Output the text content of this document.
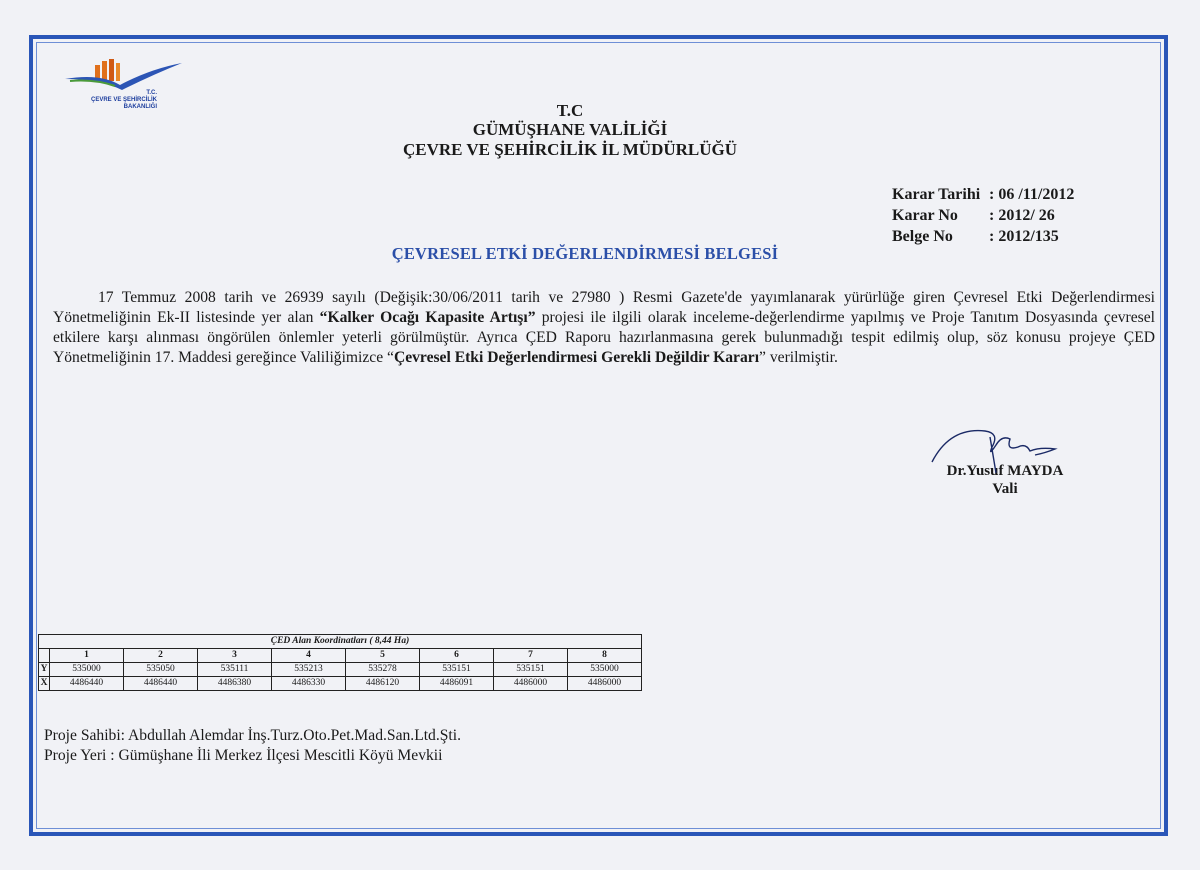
T.C.
ÇEVRE VE ŞEHİRCİLİK
BAKANLIĞI	T.C
GÜMÜŞHANE VALİLİĞİ
ÇEVRE VE ŞEHİRCİLİK İL MÜDÜRLÜĞÜ
Karar Tarihi : 06 /11/2012
Karar No	: 2012/ 26
Belge No	: 2012/135
ÇEVRESEL ETKİ DEĞERLENDİRMESİ BELGESİ

17 Temmuz 2008 tarih ve 26939 sayılı (Değişik:30/06/2011 tarih ve 27980 ) Resmi Gazete'de yayımlanarak yürürlüğe giren Çevresel Etki Değerlendirmesi Yönetmeliğinin Ek-II listesinde yer alan “Kalker Ocağı Kapasite Artışı” projesi ile ilgili olarak inceleme-değerlendirme yapılmış ve Proje Tanıtım Dosyasında çevresel etkilere karşı alınması öngörülen önlemler yeterli görülmüştür. Ayrıca ÇED Raporu hazırlanmasına gerek bulunmadığı tespit edilmiş olup, söz konusu projeye ÇED Yönetmeliğinin 17. Maddesi gereğince Valiliğimizce “Çevresel Etki Değerlendirmesi Gerekli Değildir Kararı” verilmiştir.

Dr.Yusuf MAYDA
Vali
ÇED Alan Koordinatları ( 8,44 Ha)								
	1	2	3	4	5	6	7	8
Y	535000	535050	535111	535213	535278	535151	535151	535000
X	4486440	4486440	4486380	4486330	4486120	4486091	4486000	4486000
Proje Sahibi: Abdullah Alemdar İnş.Turz.Oto.Pet.Mad.San.Ltd.Şti.
Proje Yeri : Gümüşhane İli Merkez İlçesi Mescitli Köyü Mevkii
